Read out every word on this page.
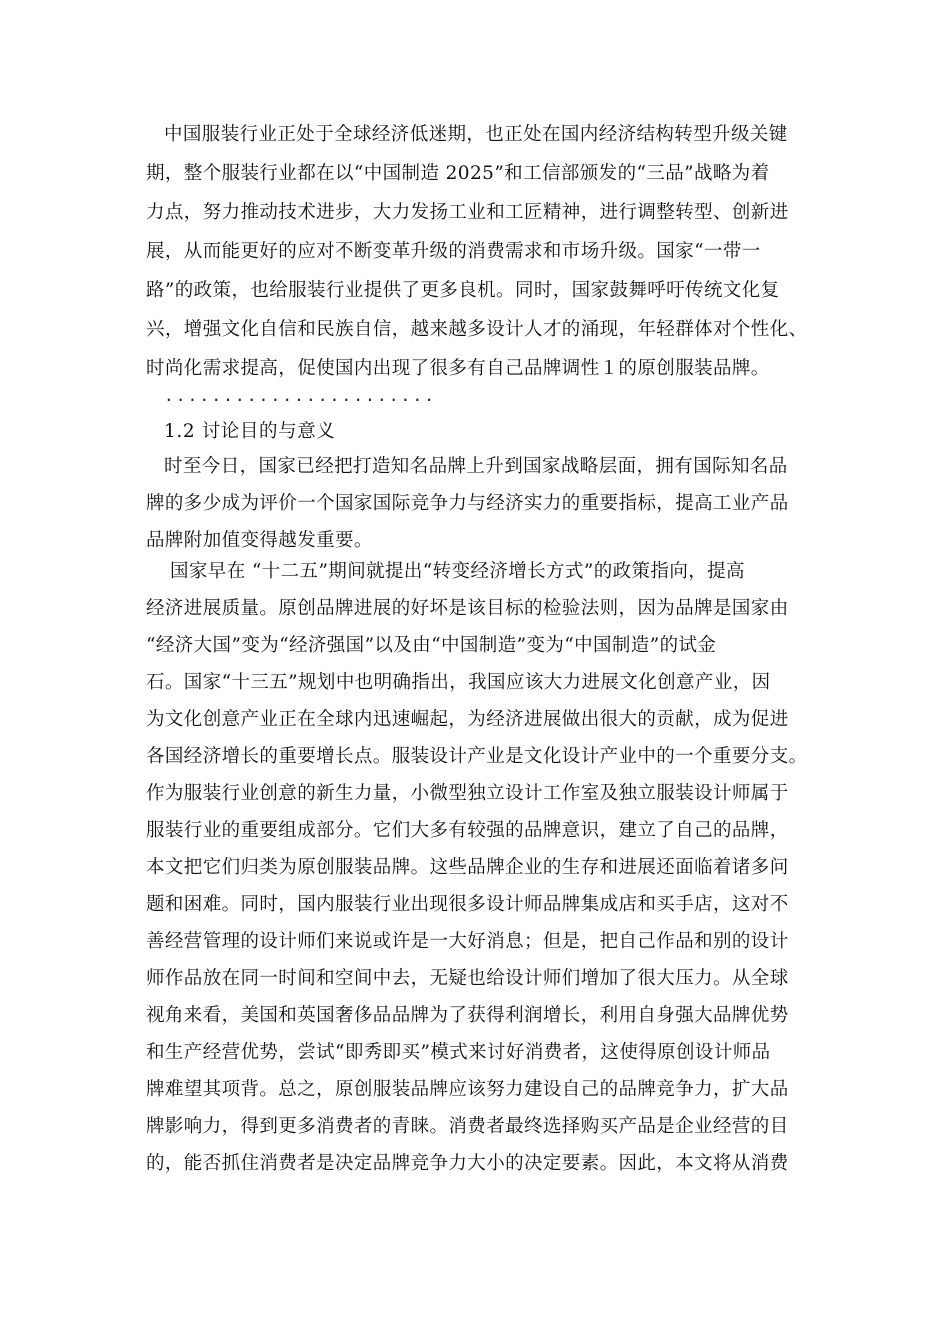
中国服装行业正处于全球经济低迷期，也正处在国内经济结构转型升级关键
期，整个服装行业都在以“中国制造 2025”和工信部颁发的“三品”战略为着
力点，努力推动技术进步，大力发扬工业和工匠精神，进行调整转型、创新进
展，从而能更好的应对不断变革升级的消费需求和市场升级。国家“一带一
路”的政策，也给服装行业提供了更多良机。同时，国家鼓舞呼吁传统文化复
兴，增强文化自信和民族自信，越来越多设计人才的涌现，年轻群体对个性化、
时尚化需求提高，促使国内出现了很多有自己品牌调性１的原创服装品牌。
.......................
1.2 讨论目的与意义
时至今日，国家已经把打造知名品牌上升到国家战略层面，拥有国际知名品
牌的多少成为评价一个国家国际竞争力与经济实力的重要指标，提高工业产品
品牌附加值变得越发重要。
国家早在 “十二五”期间就提出“转变经济增长方式”的政策指向，提高
经济进展质量。原创品牌进展的好坏是该目标的检验法则，因为品牌是国家由
“经济大国”变为“经济强国”以及由“中国制造”变为“中国制造”的试金
石。国家“十三五”规划中也明确指出，我国应该大力进展文化创意产业，因
为文化创意产业正在全球内迅速崛起，为经济进展做出很大的贡献，成为促进
各国经济增长的重要增长点。服装设计产业是文化设计产业中的一个重要分支。
作为服装行业创意的新生力量，小微型独立设计工作室及独立服装设计师属于
服装行业的重要组成部分。它们大多有较强的品牌意识，建立了自己的品牌，
本文把它们归类为原创服装品牌。这些品牌企业的生存和进展还面临着诸多问
题和困难。同时，国内服装行业出现很多设计师品牌集成店和买手店，这对不
善经营管理的设计师们来说或许是一大好消息；但是，把自己作品和别的设计
师作品放在同一时间和空间中去，无疑也给设计师们增加了很大压力。从全球
视角来看，美国和英国奢侈品品牌为了获得利润增长，利用自身强大品牌优势
和生产经营优势，尝试“即秀即买”模式来讨好消费者，这使得原创设计师品
牌难望其项背。总之，原创服装品牌应该努力建设自己的品牌竞争力，扩大品
牌影响力，得到更多消费者的青睐。消费者最终选择购买产品是企业经营的目
的，能否抓住消费者是决定品牌竞争力大小的决定要素。因此，本文将从消费
